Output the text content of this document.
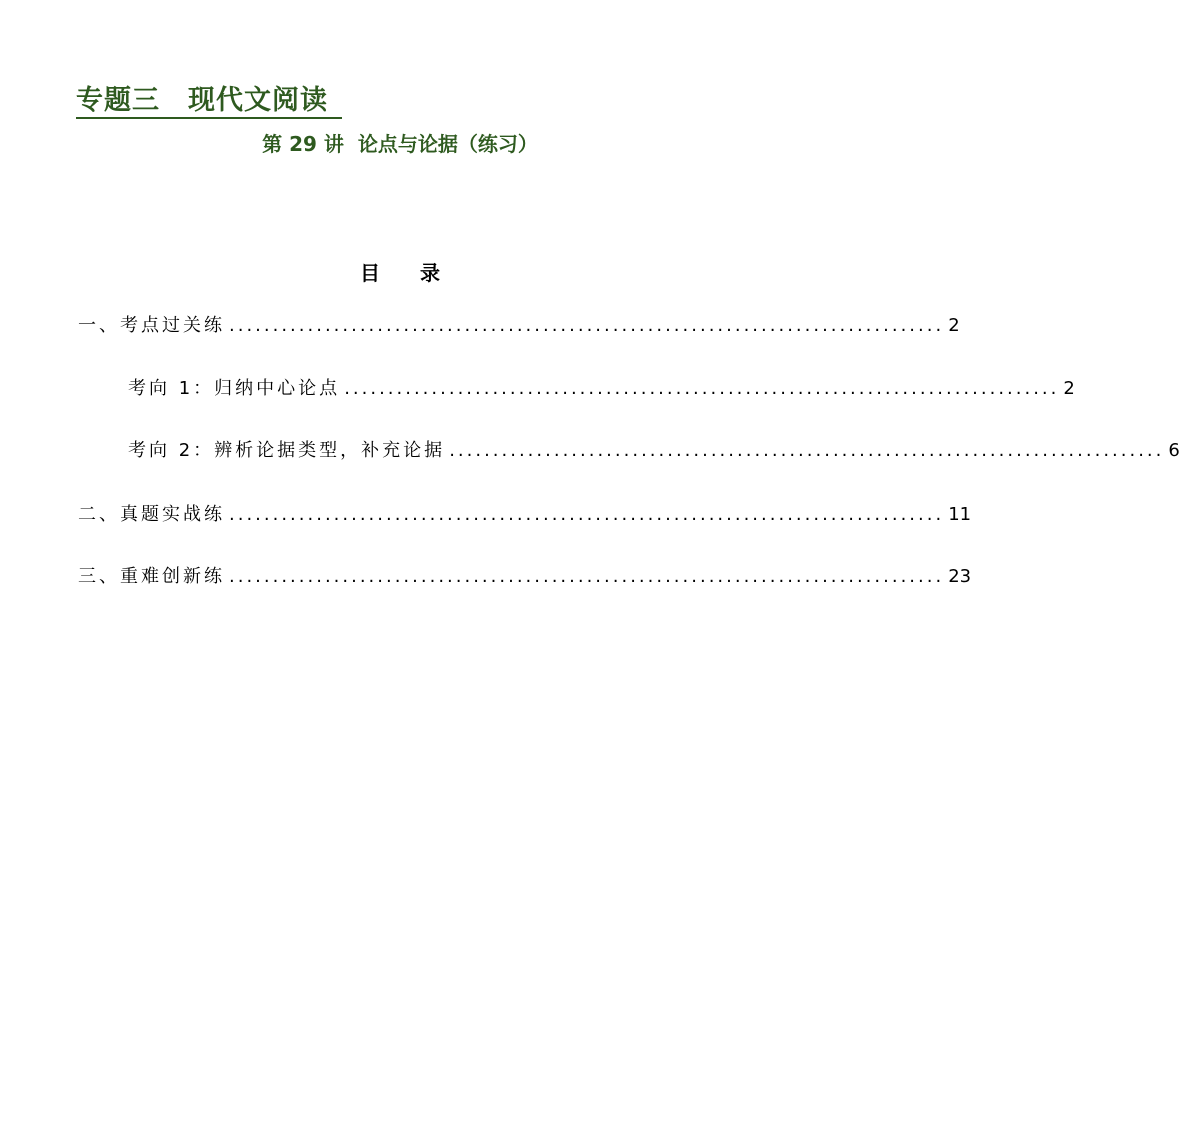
专题三　现代文阅读
第 29 讲  论点与论据（练习）
目　　录
一、考点过关练 .................................................................................. 2
考向 1：归纳中心论点 .................................................................................. 2
考向 2：辨析论据类型，补充论据 .................................................................................. 6
二、真题实战练 .................................................................................. 11
三、重难创新练 .................................................................................. 23
